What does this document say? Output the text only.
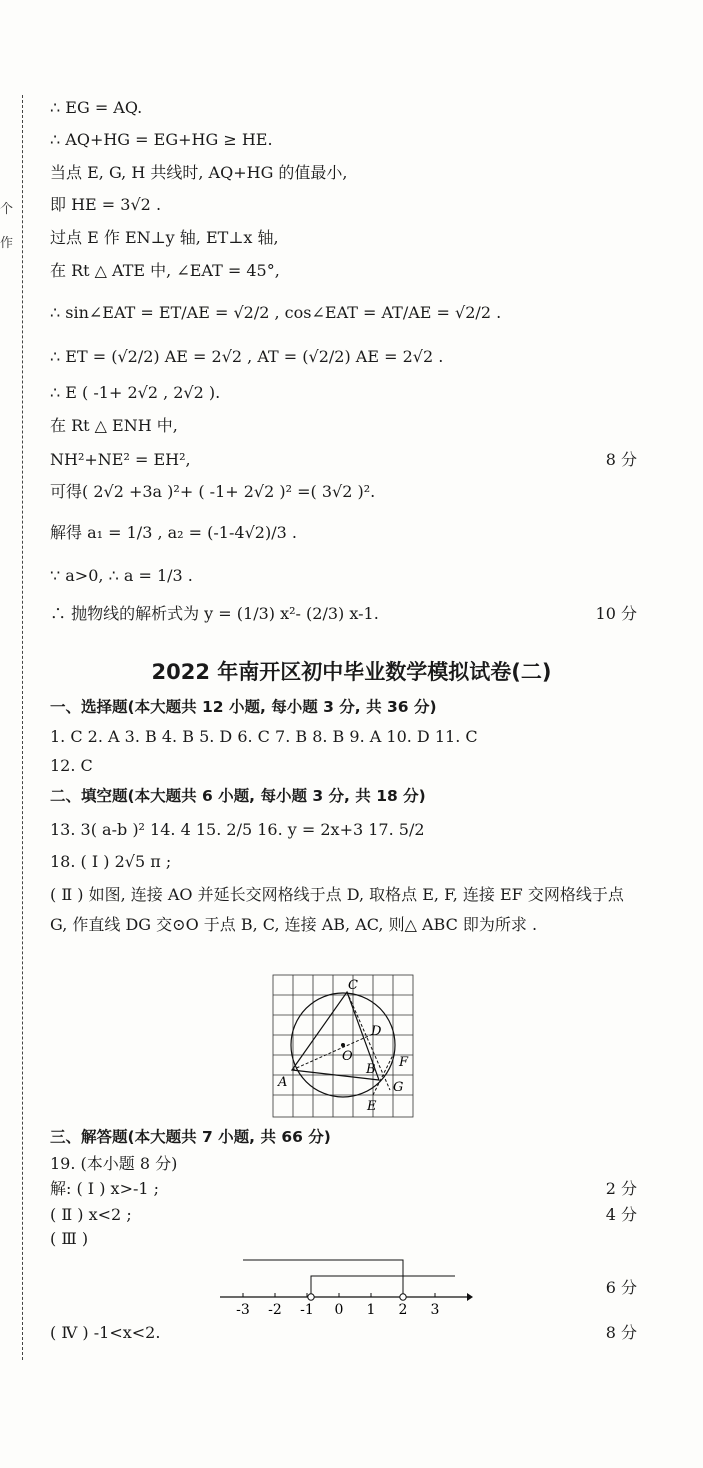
个
作
∴ EG = AQ.
∴ AQ+HG = EG+HG ≥ HE.
当点 E, G, H 共线时, AQ+HG 的值最小,
即 HE = 3√2 .
过点 E 作 EN⊥y 轴, ET⊥x 轴,
在 Rt △ ATE 中, ∠EAT = 45°,
∴ sin∠EAT = ET/AE = √2/2 , cos∠EAT = AT/AE = √2/2 .
∴ ET = (√2/2) AE = 2√2 , AT = (√2/2) AE = 2√2 .
∴ E ( -1+ 2√2 , 2√2 ).
在 Rt △ ENH 中,
NH²+NE² = EH²,	8 分
可得( 2√2 +3a )²+ ( -1+ 2√2 )² =( 3√2 )².
解得 a₁ = 1/3 , a₂ = (-1-4√2)/3 .
∵ a>0, ∴ a = 1/3 .
∴ 抛物线的解析式为 y = (1/3) x²- (2/3) x-1.	10 分
2022 年南开区初中毕业数学模拟试卷(二)
一、选择题(本大题共 12 小题, 每小题 3 分, 共 36 分)
1. C 2. A 3. B 4. B 5. D 6. C 7. B 8. B 9. A 10. D 11. C
12. C
二、填空题(本大题共 6 小题, 每小题 3 分, 共 18 分)
13. 3( a-b )² 14. 4 15. 2/5 16. y = 2x+3 17. 5/2
18. ( Ⅰ ) 2√5 π ;
( Ⅱ ) 如图, 连接 AO 并延长交网格线于点 D, 取格点 E, F, 连接 EF 交网格线于点 G, 作直线 DG 交⊙O 于点 B, C, 连接 AB, AC, 则△ ABC 即为所求 .
C
D
O
A
B F
G
E
三、解答题(本大题共 7 小题, 共 66 分)
19. (本小题 8 分)
解: ( Ⅰ ) x>-1 ;	2 分
( Ⅱ ) x<2 ;	4 分
( Ⅲ )
-3 -2 -1 0 1 2 3
6 分
( Ⅳ ) -1<x<2.	8 分
